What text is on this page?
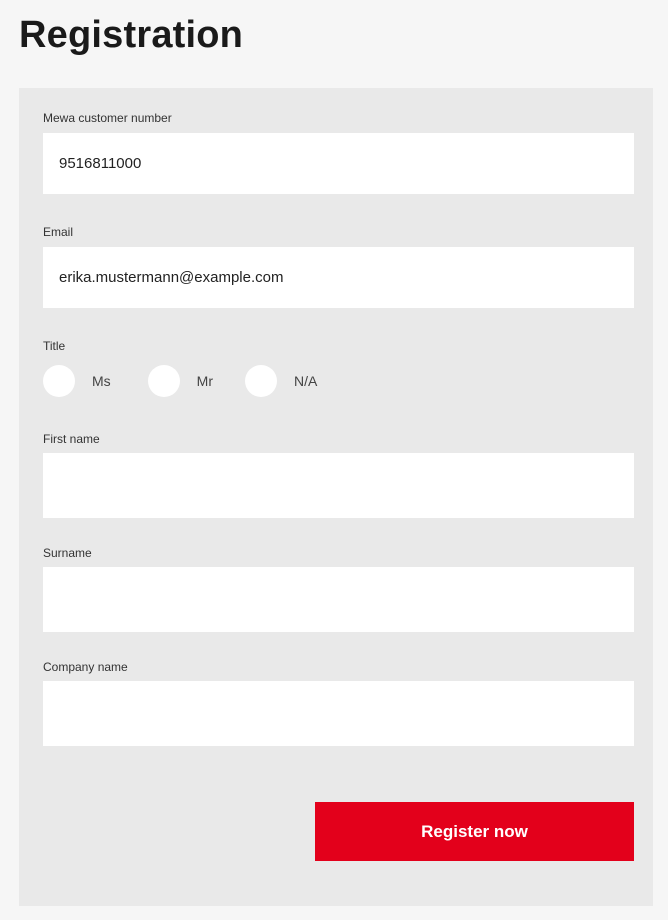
Registration
Mewa customer number
9516811000
Email
erika.mustermann@example.com
Title
Ms	Mr	N/A
First name
Surname
Company name
Register now
